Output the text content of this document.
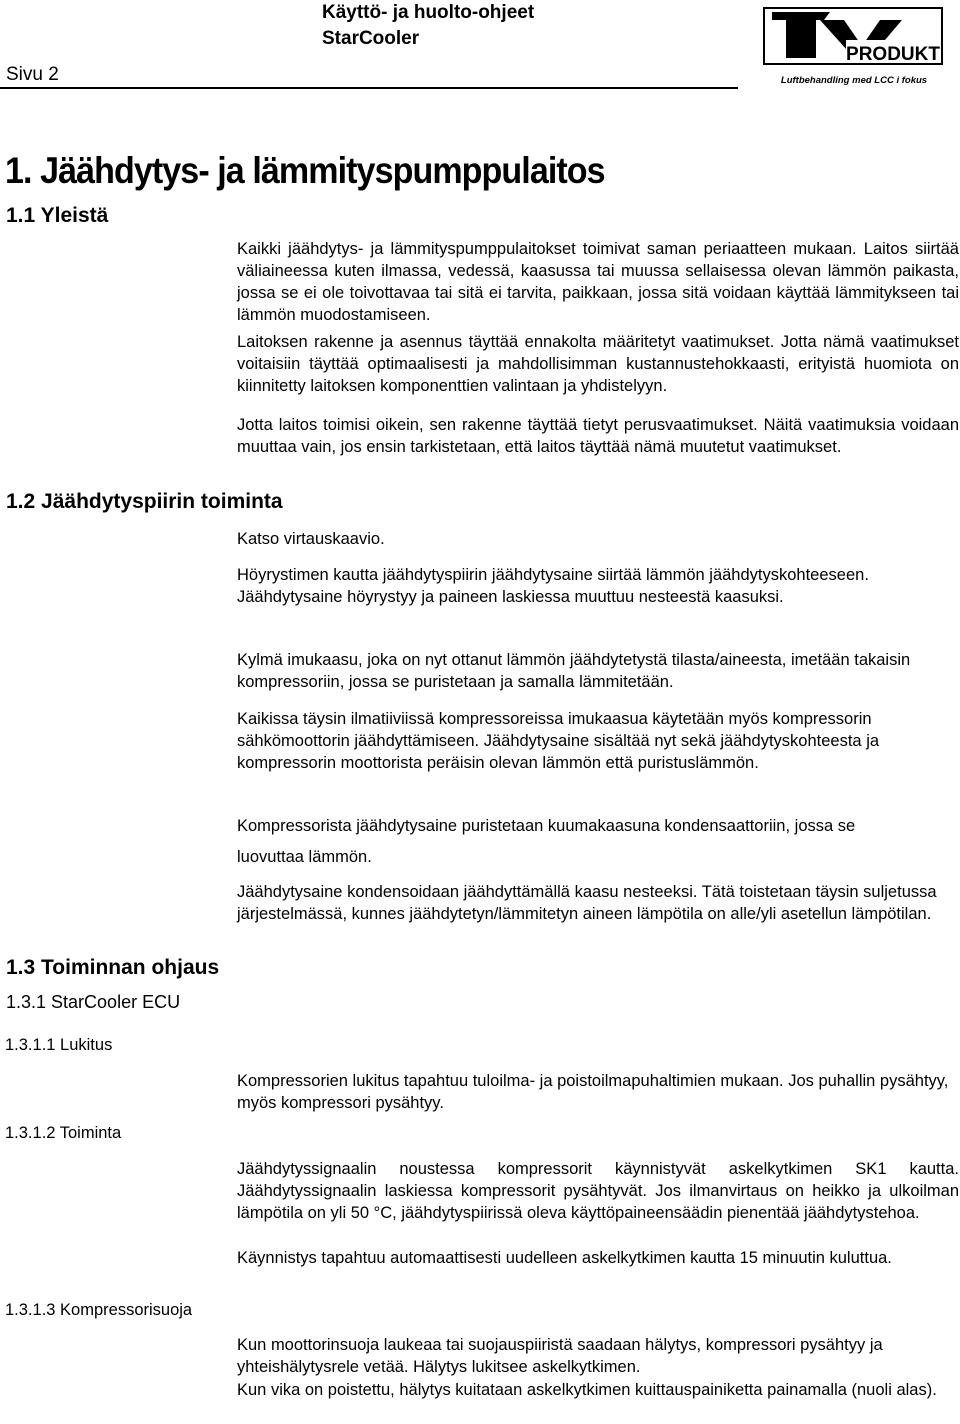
Sivu 2
Käyttö- ja huolto-ohjeet
StarCooler
PRODUKT
Luftbehandling med LCC i fokus
1. Jäähdytys- ja lämmityspumppulaitos
1.1 Yleistä
1.2 Jäähdytyspiirin toiminta
1.3 Toiminnan ohjaus
1.3.1 StarCooler ECU
1.3.1.1 Lukitus
1.3.1.2 Toiminta
1.3.1.3 Kompressorisuoja

Kaikki jäähdytys- ja lämmityspumppulaitokset toimivat saman periaatteen mukaan. Laitos siirtää väliaineessa kuten ilmassa, vedessä, kaasussa tai muussa sellaisessa olevan lämmön paikasta, jossa se ei ole toivottavaa tai sitä ei tarvita, paikkaan, jossa sitä voidaan käyttää lämmitykseen tai lämmön muodostamiseen.

Laitoksen rakenne ja asennus täyttää ennakolta määritetyt vaatimukset. Jotta nämä vaatimukset voitaisiin täyttää optimaalisesti ja mahdollisimman kustannustehokkaasti, erityistä huomiota on kiinnitetty laitoksen komponenttien valintaan ja yhdistelyyn.

Jotta laitos toimisi oikein, sen rakenne täyttää tietyt perusvaatimukset. Näitä vaatimuksia voidaan muuttaa vain, jos ensin tarkistetaan, että laitos täyttää nämä muutetut vaatimukset.

Katso virtauskaavio.

Höyrystimen kautta jäähdytyspiirin jäähdytysaine siirtää lämmön jäähdytyskohteeseen. Jäähdytysaine höyrystyy ja paineen laskiessa muuttuu nesteestä kaasuksi.

Kylmä imukaasu, joka on nyt ottanut lämmön jäähdytetystä tilasta/aineesta, imetään takaisin kompressoriin, jossa se puristetaan ja samalla lämmitetään.

Kaikissa täysin ilmatiiviissä kompressoreissa imukaasua käytetään myös kompressorin sähkömoottorin jäähdyttämiseen. Jäähdytysaine sisältää nyt sekä jäähdytyskohteesta ja kompressorin moottorista peräisin olevan lämmön että puristuslämmön.

Kompressorista jäähdytysaine puristetaan kuumakaasuna kondensaattoriin, jossa se

luovuttaa lämmön.

Jäähdytysaine kondensoidaan jäähdyttämällä kaasu nesteeksi. Tätä toistetaan täysin suljetussa järjestelmässä, kunnes jäähdytetyn/lämmitetyn aineen lämpötila on alle/yli asetellun lämpötilan.

Kompressorien lukitus tapahtuu tuloilma- ja poistoilmapuhaltimien mukaan. Jos puhallin pysähtyy, myös kompressori pysähtyy.

Jäähdytyssignaalin noustessa kompressorit käynnistyvät askelkytkimen SK1 kautta. Jäähdytyssignaalin laskiessa kompressorit pysähtyvät. Jos ilmanvirtaus on heikko ja ulkoilman lämpötila on yli 50 °C, jäähdytyspiirissä oleva käyttöpaineensäädin pienentää jäähdytystehoa.

Käynnistys tapahtuu automaattisesti uudelleen askelkytkimen kautta 15 minuutin kuluttua.

Kun moottorinsuoja laukeaa tai suojauspiiristä saadaan hälytys, kompressori pysähtyy ja yhteishälytysrele vetää. Hälytys lukitsee askelkytkimen.

Kun vika on poistettu, hälytys kuitataan askelkytkimen kuittauspainiketta painamalla (nuoli alas).
